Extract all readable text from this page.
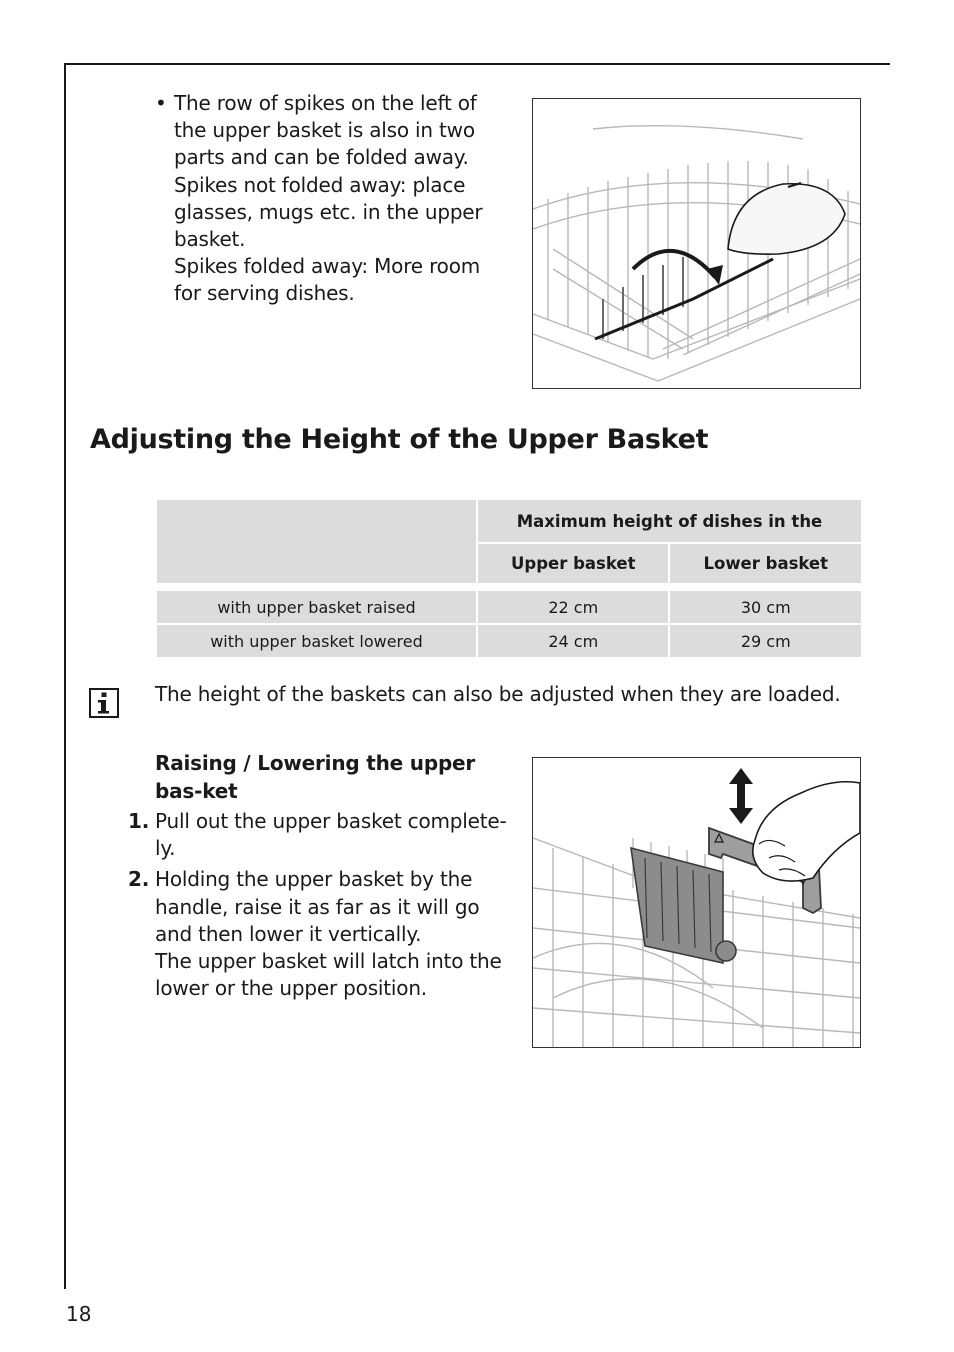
• The row of spikes on the left of the upper basket is also in two parts and can be folded away.

Spikes not folded away: place glasses, mugs etc. in the upper basket.

Spikes folded away: More room for serving dishes.

Adjusting the Height of the Upper Basket
	Maximum height of dishes in the	
	Upper basket	Lower basket

with upper basket raised	22 cm	30 cm
with upper basket lowered	24 cm	29 cm

The height of the baskets can also be adjusted when they are loaded.

Raising / Lowering the upper bas-ket
1. Pull out the upper basket complete-ly.

2. Holding the upper basket by the handle, raise it as far as it will go and then lower it vertically.

The upper basket will latch into the lower or the upper position.

18
